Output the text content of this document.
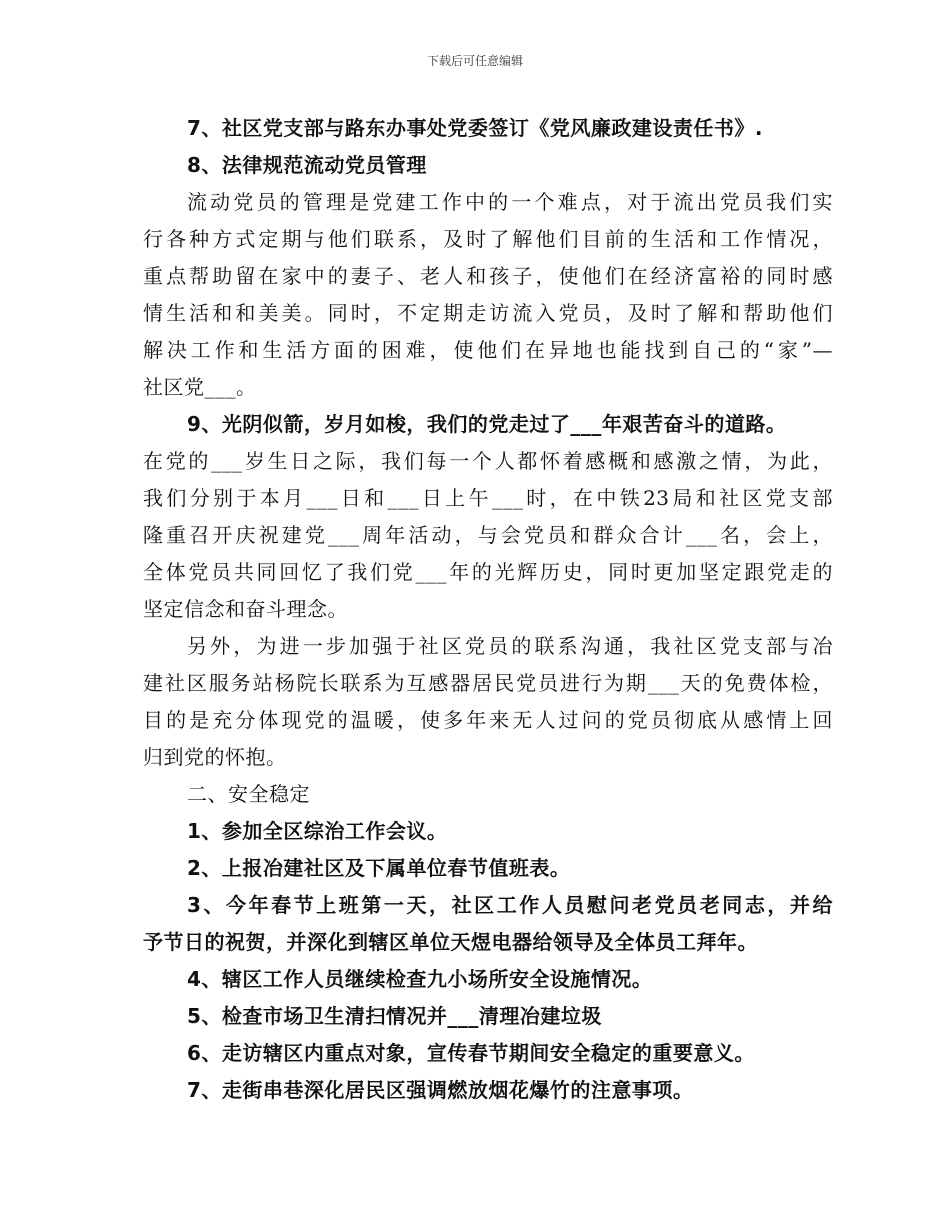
下载后可任意编辑
7、社区党支部与路东办事处党委签订《党风廉政建设责任书》.
8、法律规范流动党员管理
流动党员的管理是党建工作中的一个难点，对于流出党员我们实
行各种方式定期与他们联系，及时了解他们目前的生活和工作情况，
重点帮助留在家中的妻子、老人和孩子，使他们在经济富裕的同时感
情生活和和美美。同时，不定期走访流入党员，及时了解和帮助他们
解决工作和生活方面的困难，使他们在异地也能找到自己的“家”—
社区党___。
9、光阴似箭，岁月如梭，我们的党走过了___年艰苦奋斗的道路。
在党的___岁生日之际，我们每一个人都怀着感概和感激之情，为此，
我们分别于本月___日和___日上午___时，在中铁23局和社区党支部
隆重召开庆祝建党___周年活动，与会党员和群众合计___名，会上，
全体党员共同回忆了我们党___年的光辉历史，同时更加坚定跟党走的
坚定信念和奋斗理念。
另外，为进一步加强于社区党员的联系沟通，我社区党支部与冶
建社区服务站杨院长联系为互感器居民党员进行为期___天的免费体检，
目的是充分体现党的温暖，使多年来无人过问的党员彻底从感情上回
归到党的怀抱。
二、安全稳定
1、参加全区综治工作会议。
2、上报冶建社区及下属单位春节值班表。
3、今年春节上班第一天，社区工作人员慰问老党员老同志，并给
予节日的祝贺，并深化到辖区单位天煜电器给领导及全体员工拜年。
4、辖区工作人员继续检查九小场所安全设施情况。
5、检查市场卫生清扫情况并___清理冶建垃圾
6、走访辖区内重点对象，宣传春节期间安全稳定的重要意义。
7、走街串巷深化居民区强调燃放烟花爆竹的注意事项。
